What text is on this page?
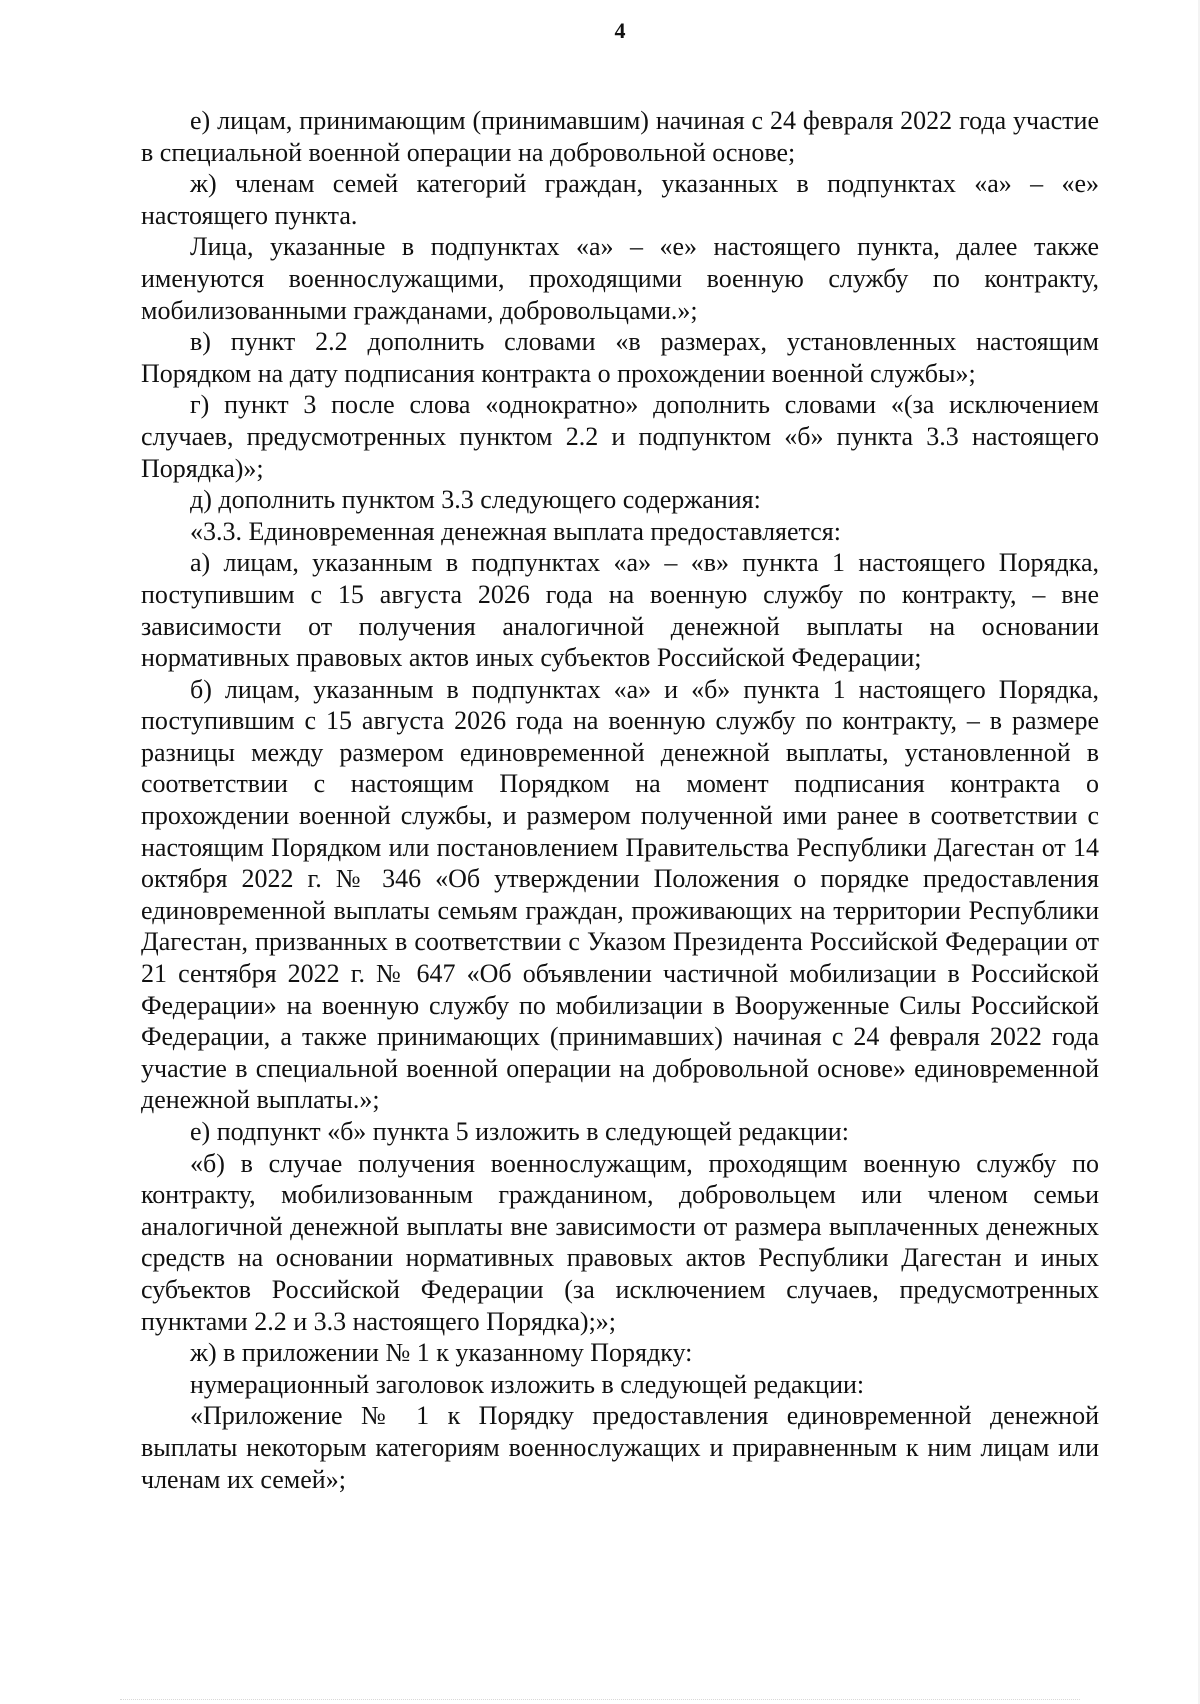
4

е) лицам, принимающим (принимавшим) начиная с 24 февраля 2022 года участие в специальной военной операции на добровольной основе;

ж) членам семей категорий граждан, указанных в подпунктах «а» – «е» настоящего пункта.

Лица, указанные в подпунктах «а» – «е» настоящего пункта, далее также именуются военнослужащими, проходящими военную службу по контракту, мобилизованными гражданами, добровольцами.»;

в) пункт 2.2 дополнить словами «в размерах, установленных настоящим Порядком на дату подписания контракта о прохождении военной службы»;

г) пункт 3 после слова «однократно» дополнить словами «(за исключением случаев, предусмотренных пунктом 2.2 и подпунктом «б» пункта 3.3 настоящего Порядка)»;

д) дополнить пунктом 3.3 следующего содержания:

«3.3. Единовременная денежная выплата предоставляется:

а) лицам, указанным в подпунктах «а» – «в» пункта 1 настоящего Порядка, поступившим с 15 августа 2026 года на военную службу по контракту, – вне зависимости от получения аналогичной денежной выплаты на основании нормативных правовых актов иных субъектов Российской Федерации;

б) лицам, указанным в подпунктах «а» и «б» пункта 1 настоящего Порядка, поступившим с 15 августа 2026 года на военную службу по контракту, – в размере разницы между размером единовременной денежной выплаты, установленной в соответствии с настоящим Порядком на момент подписания контракта о прохождении военной службы, и размером полученной ими ранее в соответствии с настоящим Порядком или постановлением Правительства Республики Дагестан от 14 октября 2022 г. № 346 «Об утверждении Положения о порядке предоставления единовременной выплаты семьям граждан, проживающих на территории Республики Дагестан, призванных в соответствии с Указом Президента Российской Федерации от 21 сентября 2022 г. № 647 «Об объявлении частичной мобилизации в Российской Федерации» на военную службу по мобилизации в Вооруженные Силы Российской Федерации, а также принимающих (принимавших) начиная с 24 февраля 2022 года участие в специальной военной операции на добровольной основе» единовременной денежной выплаты.»;

е) подпункт «б» пункта 5 изложить в следующей редакции:

«б) в случае получения военнослужащим, проходящим военную службу по контракту, мобилизованным гражданином, добровольцем или членом семьи аналогичной денежной выплаты вне зависимости от размера выплаченных денежных средств на основании нормативных правовых актов Республики Дагестан и иных субъектов Российской Федерации (за исключением случаев, предусмотренных пунктами 2.2 и 3.3 настоящего Порядка);»;

ж) в приложении № 1 к указанному Порядку:

нумерационный заголовок изложить в следующей редакции:

«Приложение № 1 к Порядку предоставления единовременной денежной выплаты некоторым категориям военнослужащих и приравненным к ним лицам или членам их семей»;
